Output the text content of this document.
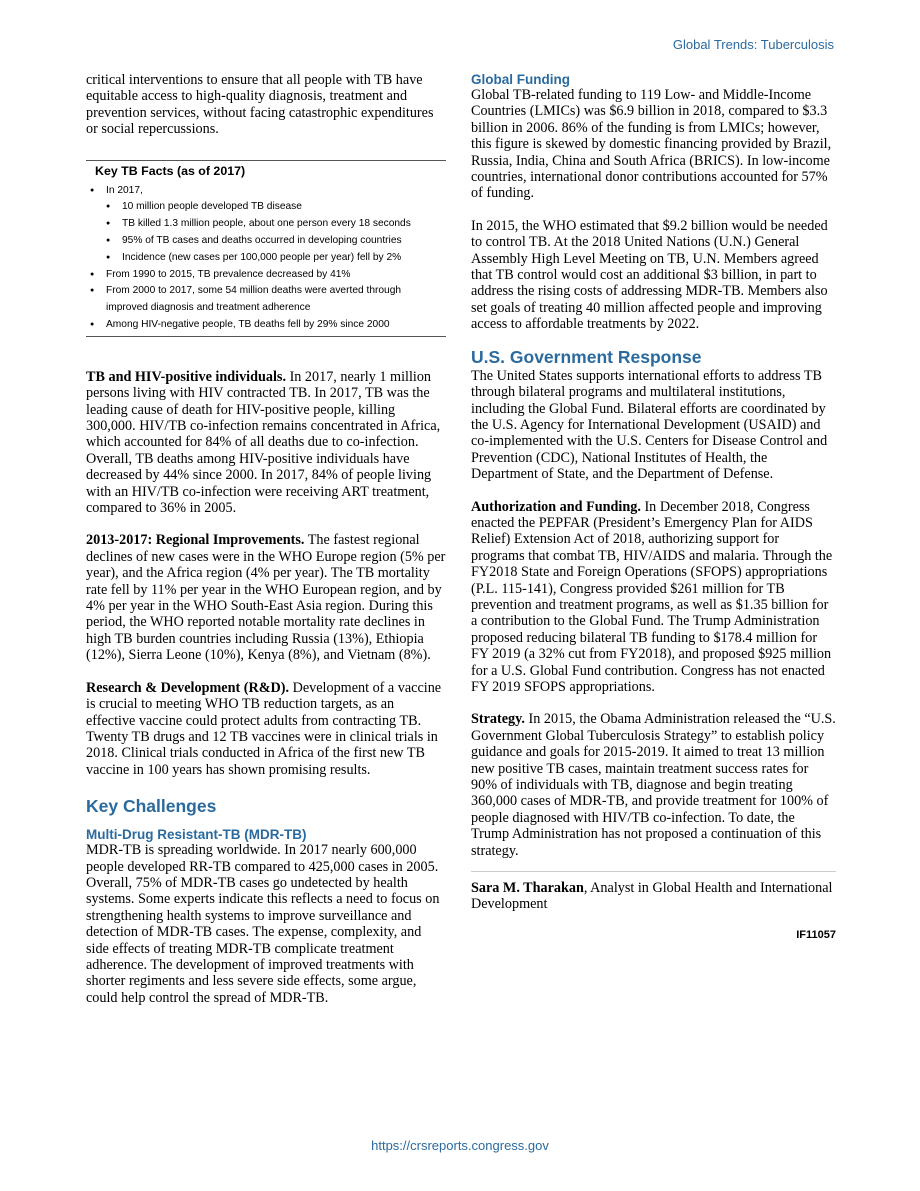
Global Trends: Tuberculosis

critical interventions to ensure that all people with TB have equitable access to high-quality diagnosis, treatment and prevention services, without facing catastrophic expenditures or social repercussions.

Key TB Facts (as of 2017)
● In 2017,
● 10 million people developed TB disease
● TB killed 1.3 million people, about one person every 18 seconds
● 95% of TB cases and deaths occurred in developing countries
● Incidence (new cases per 100,000 people per year) fell by 2%
● From 1990 to 2015, TB prevalence decreased by 41%
● From 2000 to 2017, some 54 million deaths were averted through
improved diagnosis and treatment adherence
● Among HIV-negative people, TB deaths fell by 29% since 2000

TB and HIV-positive individuals. In 2017, nearly 1 million persons living with HIV contracted TB. In 2017, TB was the leading cause of death for HIV-positive people, killing 300,000. HIV/TB co-infection remains concentrated in Africa, which accounted for 84% of all deaths due to co-infection. Overall, TB deaths among HIV-positive individuals have decreased by 44% since 2000. In 2017, 84% of people living with an HIV/TB co-infection were receiving ART treatment, compared to 36% in 2005.

2013-2017: Regional Improvements. The fastest regional declines of new cases were in the WHO Europe region (5% per year), and the Africa region (4% per year). The TB mortality rate fell by 11% per year in the WHO European region, and by 4% per year in the WHO South-East Asia region. During this period, the WHO reported notable mortality rate declines in high TB burden countries including Russia (13%), Ethiopia (12%), Sierra Leone (10%), Kenya (8%), and Vietnam (8%).

Research & Development (R&D). Development of a vaccine is crucial to meeting WHO TB reduction targets, as an effective vaccine could protect adults from contracting TB. Twenty TB drugs and 12 TB vaccines were in clinical trials in 2018. Clinical trials conducted in Africa of the first new TB vaccine in 100 years has shown promising results.

Key Challenges
Multi-Drug Resistant-TB (MDR-TB)

MDR-TB is spreading worldwide. In 2017 nearly 600,000 people developed RR-TB compared to 425,000 cases in 2005. Overall, 75% of MDR-TB cases go undetected by health systems. Some experts indicate this reflects a need to focus on strengthening health systems to improve surveillance and detection of MDR-TB cases. The expense, complexity, and side effects of treating MDR-TB complicate treatment adherence. The development of improved treatments with shorter regiments and less severe side effects, some argue, could help control the spread of MDR-TB.

Global Funding

Global TB-related funding to 119 Low- and Middle-Income Countries (LMICs) was $6.9 billion in 2018, compared to $3.3 billion in 2006. 86% of the funding is from LMICs; however, this figure is skewed by domestic financing provided by Brazil, Russia, India, China and South Africa (BRICS). In low-income countries, international donor contributions accounted for 57% of funding.

In 2015, the WHO estimated that $9.2 billion would be needed to control TB. At the 2018 United Nations (U.N.) General Assembly High Level Meeting on TB, U.N. Members agreed that TB control would cost an additional $3 billion, in part to address the rising costs of addressing MDR-TB. Members also set goals of treating 40 million affected people and improving access to affordable treatments by 2022.

U.S. Government Response

The United States supports international efforts to address TB through bilateral programs and multilateral institutions, including the Global Fund. Bilateral efforts are coordinated by the U.S. Agency for International Development (USAID) and co-implemented with the U.S. Centers for Disease Control and Prevention (CDC), National Institutes of Health, the Department of State, and the Department of Defense.

Authorization and Funding. In December 2018, Congress enacted the PEPFAR (President’s Emergency Plan for AIDS Relief) Extension Act of 2018, authorizing support for programs that combat TB, HIV/AIDS and malaria. Through the FY2018 State and Foreign Operations (SFOPS) appropriations (P.L. 115-141), Congress provided $261 million for TB prevention and treatment programs, as well as $1.35 billion for a contribution to the Global Fund. The Trump Administration proposed reducing bilateral TB funding to $178.4 million for FY 2019 (a 32% cut from FY2018), and proposed $925 million for a U.S. Global Fund contribution. Congress has not enacted FY 2019 SFOPS appropriations.

Strategy. In 2015, the Obama Administration released the “U.S. Government Global Tuberculosis Strategy” to establish policy guidance and goals for 2015-2019. It aimed to treat 13 million new positive TB cases, maintain treatment success rates for 90% of individuals with TB, diagnose and begin treating 360,000 cases of MDR-TB, and provide treatment for 100% of people diagnosed with HIV/TB co-infection. To date, the Trump Administration has not proposed a continuation of this strategy.

Sara M. Tharakan, Analyst in Global Health and International Development

IF11057
https://crsreports.congress.gov
